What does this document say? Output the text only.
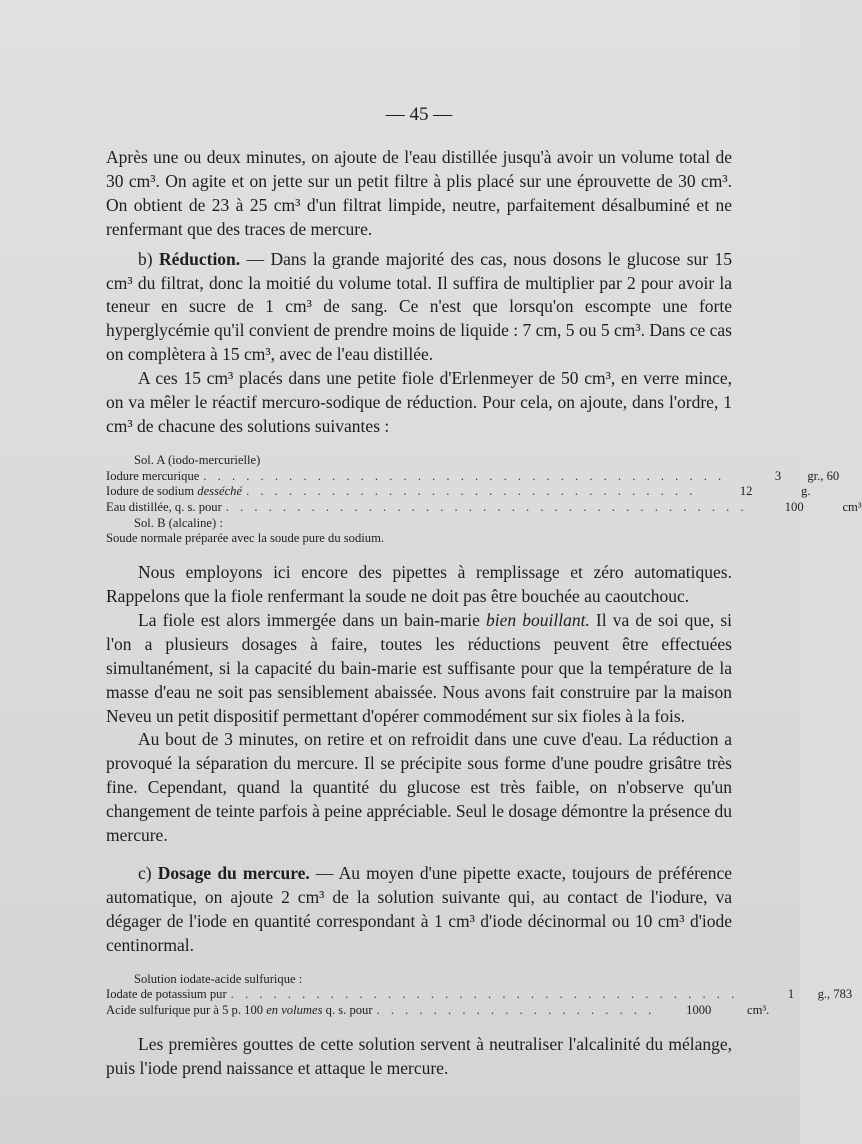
— 45 —

Après une ou deux minutes, on ajoute de l'eau distillée jusqu'à avoir un volume total de 30 cm³. On agite et on jette sur un petit filtre à plis placé sur une éprouvette de 30 cm³. On obtient de 23 à 25 cm³ d'un filtrat limpide, neutre, parfaitement désalbuminé et ne renfermant que des traces de mercure.

b) Réduction. — Dans la grande majorité des cas, nous dosons le glucose sur 15 cm³ du filtrat, donc la moitié du volume total. Il suffira de multiplier par 2 pour avoir la teneur en sucre de 1 cm³ de sang. Ce n'est que lorsqu'on escompte une forte hyperglycémie qu'il convient de prendre moins de liquide : 7 cm, 5 ou 5 cm³. Dans ce cas on complètera à 15 cm³, avec de l'eau distillée.

A ces 15 cm³ placés dans une petite fiole d'Erlenmeyer de 50 cm³, en verre mince, on va mêler le réactif mercuro-sodique de réduction. Pour cela, on ajoute, dans l'ordre, 1 cm³ de chacune des solutions suivantes :

Sol. A (iodo-mercurielle)
Iodure mercurique . . . . . . . . . . . . . . . . . . . . . . . . . . . . . . . . . . . . .	3	gr., 60
Iodure de sodium desséché . . . . . . . . . . . . . . . . . . . . . . . . . . . . . . . .	12	g.
Eau distillée, q. s. pour . . . . . . . . . . . . . . . . . . . . . . . . . . . . . . . . . . . . .	100	cm³
Sol. B (alcaline) :
Soude normale préparée avec la soude pure du sodium.

Nous employons ici encore des pipettes à remplissage et zéro automatiques. Rappelons que la fiole renfermant la soude ne doit pas être bouchée au caoutchouc.

La fiole est alors immergée dans un bain-marie bien bouillant. Il va de soi que, si l'on a plusieurs dosages à faire, toutes les réductions peuvent être effectuées simultanément, si la capacité du bain-marie est suffisante pour que la température de la masse d'eau ne soit pas sensiblement abaissée. Nous avons fait construire par la maison Neveu un petit dispositif permettant d'opérer commodément sur six fioles à la fois.

Au bout de 3 minutes, on retire et on refroidit dans une cuve d'eau. La réduction a provoqué la séparation du mercure. Il se précipite sous forme d'une poudre grisâtre très fine. Cependant, quand la quantité du glucose est très faible, on n'observe qu'un changement de teinte parfois à peine appréciable. Seul le dosage démontre la présence du mercure.

c) Dosage du mercure. — Au moyen d'une pipette exacte, toujours de préférence automatique, on ajoute 2 cm³ de la solution suivante qui, au contact de l'iodure, va dégager de l'iode en quantité correspondant à 1 cm³ d'iode décinormal ou 10 cm³ d'iode centinormal.

Solution iodate-acide sulfurique :
Iodate de potassium pur . . . . . . . . . . . . . . . . . . . . . . . . . . . . . . . . . . . .	1	g., 783
Acide sulfurique pur à 5 p. 100 en volumes q. s. pour . . . . . . . . . . . . . . . . . . . .	1000	cm³.

Les premières gouttes de cette solution servent à neutraliser l'alcalinité du mélange, puis l'iode prend naissance et attaque le mercure.
